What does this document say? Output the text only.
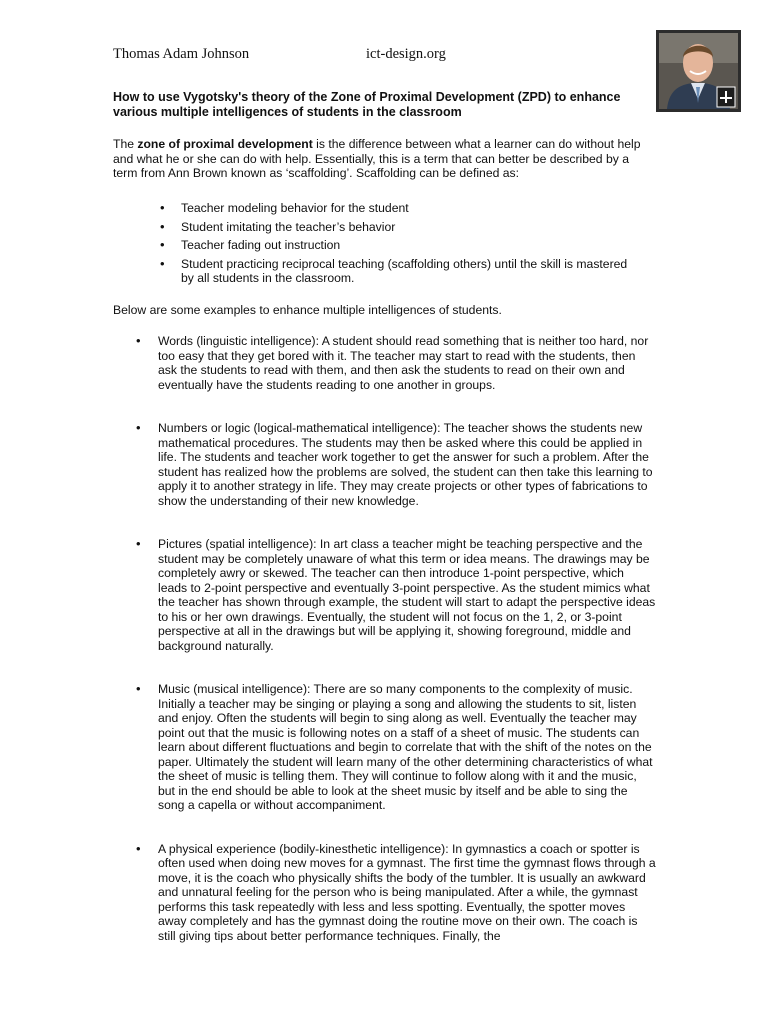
Thomas Adam Johnson	ict-design.org
How to use Vygotsky's theory of the Zone of Proximal Development (ZPD) to enhance various multiple intelligences of students in the classroom
The zone of proximal development is the difference between what a learner can do without help and what he or she can do with help. Essentially, this is a term that can better be described by a term from Ann Brown known as ‘scaffolding’. Scaffolding can be defined as:
• Teacher modeling behavior for the student
• Student imitating the teacher’s behavior
• Teacher fading out instruction
• Student practicing reciprocal teaching (scaffolding others) until the skill is mastered by all students in the classroom.
Below are some examples to enhance multiple intelligences of students.
• Words (linguistic intelligence): A student should read something that is neither too hard, nor too easy that they get bored with it. The teacher may start to read with the students, then ask the students to read with them, and then ask the students to read on their own and eventually have the students reading to one another in groups.
• Numbers or logic (logical-mathematical intelligence): The teacher shows the students new mathematical procedures. The students may then be asked where this could be applied in life. The students and teacher work together to get the answer for such a problem. After the student has realized how the problems are solved, the student can then take this learning to apply it to another strategy in life. They may create projects or other types of fabrications to show the understanding of their new knowledge.
• Pictures (spatial intelligence): In art class a teacher might be teaching perspective and the student may be completely unaware of what this term or idea means. The drawings may be completely awry or skewed. The teacher can then introduce 1-point perspective, which leads to 2-point perspective and eventually 3-point perspective. As the student mimics what the teacher has shown through example, the student will start to adapt the perspective ideas to his or her own drawings. Eventually, the student will not focus on the 1, 2, or 3-point perspective at all in the drawings but will be applying it, showing foreground, middle and background naturally.
• Music (musical intelligence): There are so many components to the complexity of music. Initially a teacher may be singing or playing a song and allowing the students to sit, listen and enjoy. Often the students will begin to sing along as well. Eventually the teacher may point out that the music is following notes on a staff of a sheet of music. The students can learn about different fluctuations and begin to correlate that with the shift of the notes on the paper. Ultimately the student will learn many of the other determining characteristics of what the sheet of music is telling them. They will continue to follow along with it and the music, but in the end should be able to look at the sheet music by itself and be able to sing the song a capella or without accompaniment.
• A physical experience (bodily-kinesthetic intelligence): In gymnastics a coach or spotter is often used when doing new moves for a gymnast. The first time the gymnast flows through a move, it is the coach who physically shifts the body of the tumbler. It is usually an awkward and unnatural feeling for the person who is being manipulated. After a while, the gymnast performs this task repeatedly with less and less spotting. Eventually, the spotter moves away completely and has the gymnast doing the routine move on their own. The coach is still giving tips about better performance techniques. Finally, the
